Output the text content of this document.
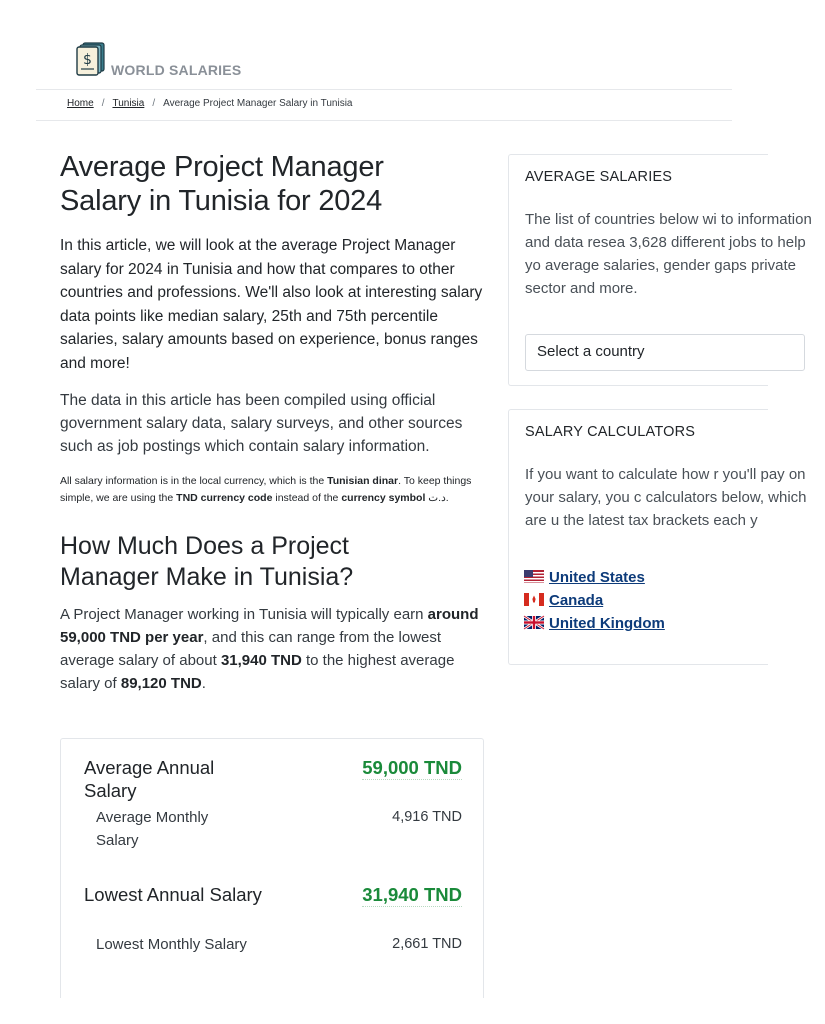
$
WORLD SALARIES
Home / Tunisia / Average Project Manager Salary in Tunisia
Average Project Manager
Salary in Tunisia for 2024

In this article, we will look at the average Project Manager salary for 2024 in Tunisia and how that compares to other countries and professions. We'll also look at interesting salary data points like median salary, 25th and 75th percentile salaries, salary amounts based on experience, bonus ranges and more!

The data in this article has been compiled using official government salary data, salary surveys, and other sources such as job postings which contain salary information.

All salary information is in the local currency, which is the Tunisian dinar. To keep things simple, we are using the TND currency code instead of the currency symbol د.ت.

How Much Does a Project
Manager Make in Tunisia?

A Project Manager working in Tunisia will typically earn around 59,000 TND per year, and this can range from the lowest average salary of about 31,940 TND to the highest average salary of 89,120 TND.

Average Annual Salary
59,000 TND
Average Monthly Salary
4,916 TND
Lowest Annual Salary	31,940 TND
Lowest Monthly Salary	2,661 TND
AVERAGE SALARIES
The list of countries below wi to information and data resea 3,628 different jobs to help yo average salaries, gender gaps private sector and more.
Select a country
SALARY CALCULATORS
If you want to calculate how r you'll pay on your salary, you c calculators below, which are u the latest tax brackets each y
United States
Canada
United Kingdom
